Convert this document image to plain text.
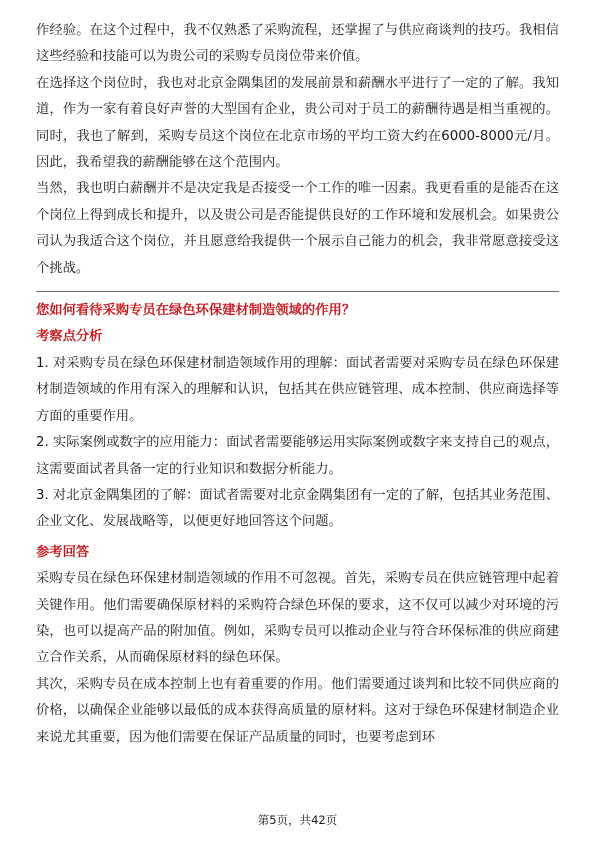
作经验。在这个过程中，我不仅熟悉了采购流程，还掌握了与供应商谈判的技巧。我相信这些经验和技能可以为贵公司的采购专员岗位带来价值。

在选择这个岗位时，我也对北京金隅集团的发展前景和薪酬水平进行了一定的了解。我知道，作为一家有着良好声誉的大型国有企业，贵公司对于员工的薪酬待遇是相当重视的。同时，我也了解到，采购专员这个岗位在北京市场的平均工资大约在6000-8000元/月。因此，我希望我的薪酬能够在这个范围内。

当然，我也明白薪酬并不是决定我是否接受一个工作的唯一因素。我更看重的是能否在这个岗位上得到成长和提升，以及贵公司是否能提供良好的工作环境和发展机会。如果贵公司认为我适合这个岗位，并且愿意给我提供一个展示自己能力的机会，我非常愿意接受这个挑战。

您如何看待采购专员在绿色环保建材制造领域的作用？

考察点分析

1. 对采购专员在绿色环保建材制造领域作用的理解：面试者需要对采购专员在绿色环保建材制造领域的作用有深入的理解和认识，包括其在供应链管理、成本控制、供应商选择等方面的重要作用。

2. 实际案例或数字的应用能力：面试者需要能够运用实际案例或数字来支持自己的观点，这需要面试者具备一定的行业知识和数据分析能力。

3. 对北京金隅集团的了解：面试者需要对北京金隅集团有一定的了解，包括其业务范围、企业文化、发展战略等，以便更好地回答这个问题。

参考回答

采购专员在绿色环保建材制造领域的作用不可忽视。首先，采购专员在供应链管理中起着关键作用。他们需要确保原材料的采购符合绿色环保的要求，这不仅可以减少对环境的污染，也可以提高产品的附加值。例如，采购专员可以推动企业与符合环保标准的供应商建立合作关系，从而确保原材料的绿色环保。

其次，采购专员在成本控制上也有着重要的作用。他们需要通过谈判和比较不同供应商的价格，以确保企业能够以最低的成本获得高质量的原材料。这对于绿色环保建材制造企业来说尤其重要，因为他们需要在保证产品质量的同时，也要考虑到环

第5页，共42页
